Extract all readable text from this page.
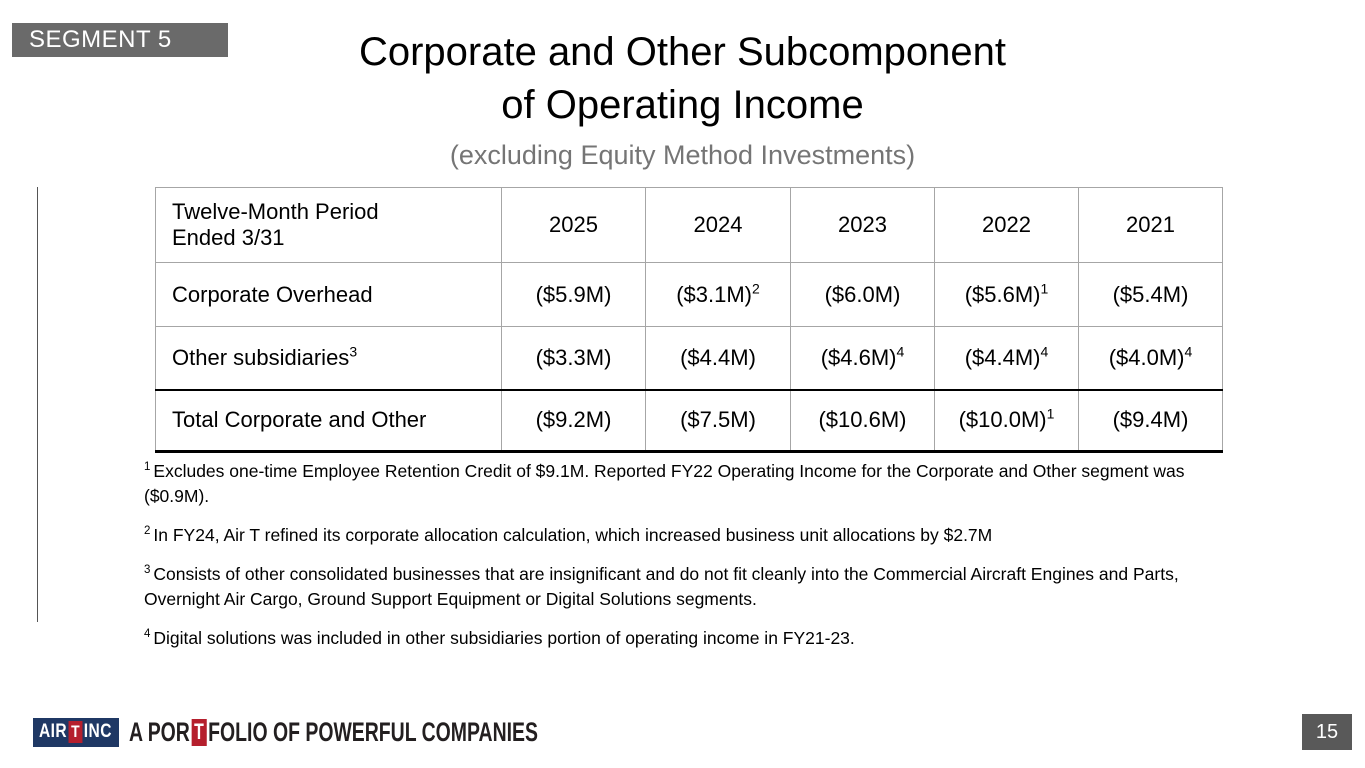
SEGMENT 5	Corporate and Other Subcomponent
of Operating Income
(excluding Equity Method Investments)
Twelve-Month Period Ended 3/31	2025	2024	2023	2022	2021
Corporate Overhead	($5.9M)	($3.1M)$^2$	($6.0M)	($5.6M)$^1$	($5.4M)
Other subsidiaries$^3$	($3.3M)	($4.4M)	($4.6M)$^4$	($4.4M)$^4$	($4.0M)$^4$
Total Corporate and Other	($9.2M)	($7.5M)	($10.6M)	($10.0M)$^1$	($9.4M)
$^1$ Excludes one-time Employee Retention Credit of $9.1M. Reported FY22 Operating Income for the Corporate and Other segment was ($0.9M).
$^2$ In FY24, Air T refined its corporate allocation calculation, which increased business unit allocations by $2.7M
$^3$ Consists of other consolidated businesses that are insignificant and do not fit cleanly into the Commercial Aircraft Engines and Parts, Overnight Air Cargo, Ground Support Equipment or Digital Solutions segments.
$^4$ Digital solutions was included in other subsidiaries portion of operating income in FY21-23.
AIR T INC A POR T FOLIO OF POWERFUL COMPANIES	15
